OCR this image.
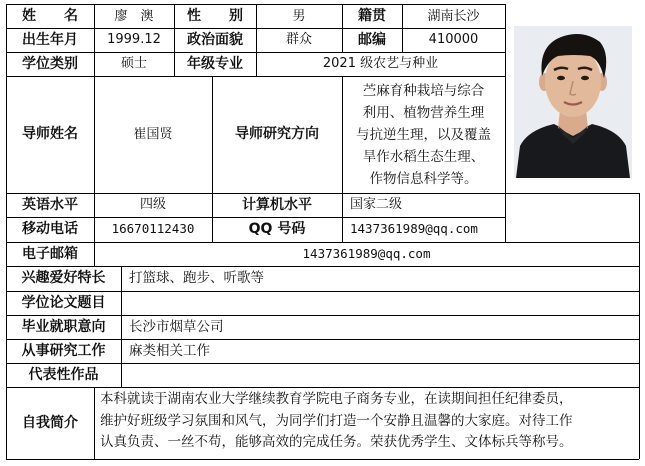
姓　　名	廖　澳	性　　别	男	籍贯	湖南长沙
出生年月	1999.12	政治面貌	群众	邮编	410000
学位类别	硕士	年级专业	2021 级农艺与种业
导师姓名	崔国贤	导师研究方向
苎麻育种栽培与综合
利用、植物营养生理
与抗逆生理，以及覆盖
旱作水稻生态生理、
作物信息科学等。
英语水平	四级	计算机水平	国家二级
移动电话	16670112430	QQ 号码	1437361989@qq.com
电子邮箱	1437361989@qq.com
兴趣爱好特长	打篮球、跑步、听歌等
学位论文题目
毕业就职意向	长沙市烟草公司
从事研究工作	麻类相关工作
代表性作品
自我简介
本科就读于湖南农业大学继续教育学院电子商务专业，在读期间担任纪律委员，
维护好班级学习氛围和风气，为同学们打造一个安静且温馨的大家庭。对待工作
认真负责、一丝不苟，能够高效的完成任务。荣获优秀学生、文体标兵等称号。
